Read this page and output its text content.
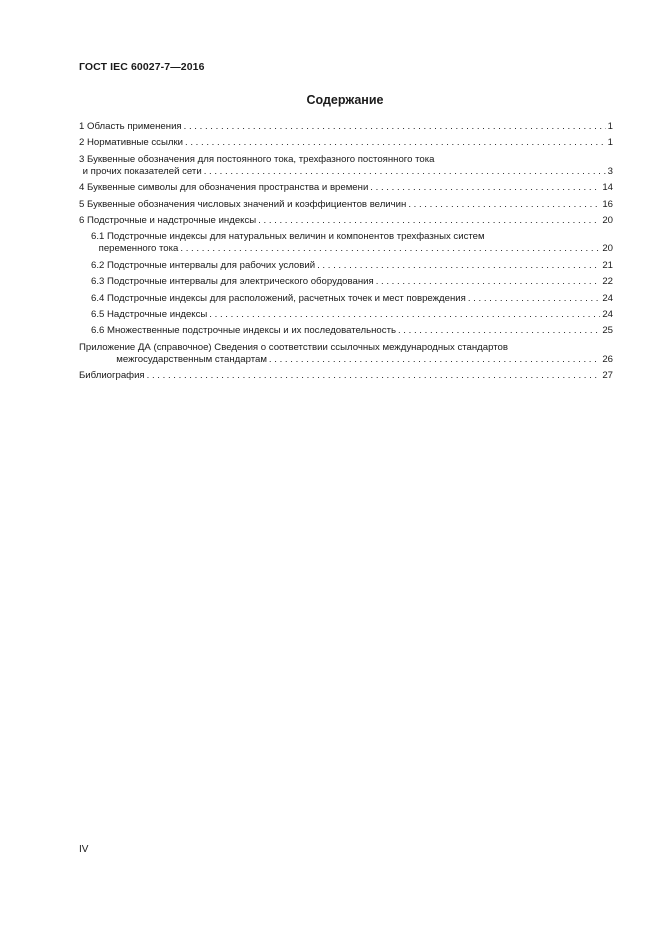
ГОСТ IEC 60027-7—2016
Содержание
1 Область применения . . .	1
2 Нормативные ссылки . . .	1
3 Буквенные обозначения для постоянного тока, трехфазного постоянного тока
и прочих показателей сети . . .	3
4 Буквенные символы для обозначения пространства и времени . . .	14
5 Буквенные обозначения числовых значений и коэффициентов величин . . .	16
6 Подстрочные и надстрочные индексы . . .	20
6.1 Подстрочные индексы для натуральных величин и компонентов трехфазных систем
переменного тока . . .	20
6.2 Подстрочные интервалы для рабочих условий . . .	21
6.3 Подстрочные интервалы для электрического оборудования . . .	22
6.4 Подстрочные индексы для расположений, расчетных точек и мест повреждения . . .	24
6.5 Надстрочные индексы . . .	24
6.6 Множественные подстрочные индексы и их последовательность . . .	25
Приложение ДА (справочное) Сведения о соответствии ссылочных международных стандартов
межгосударственным стандартам . . .	26
Библиография . . .	27
IV
